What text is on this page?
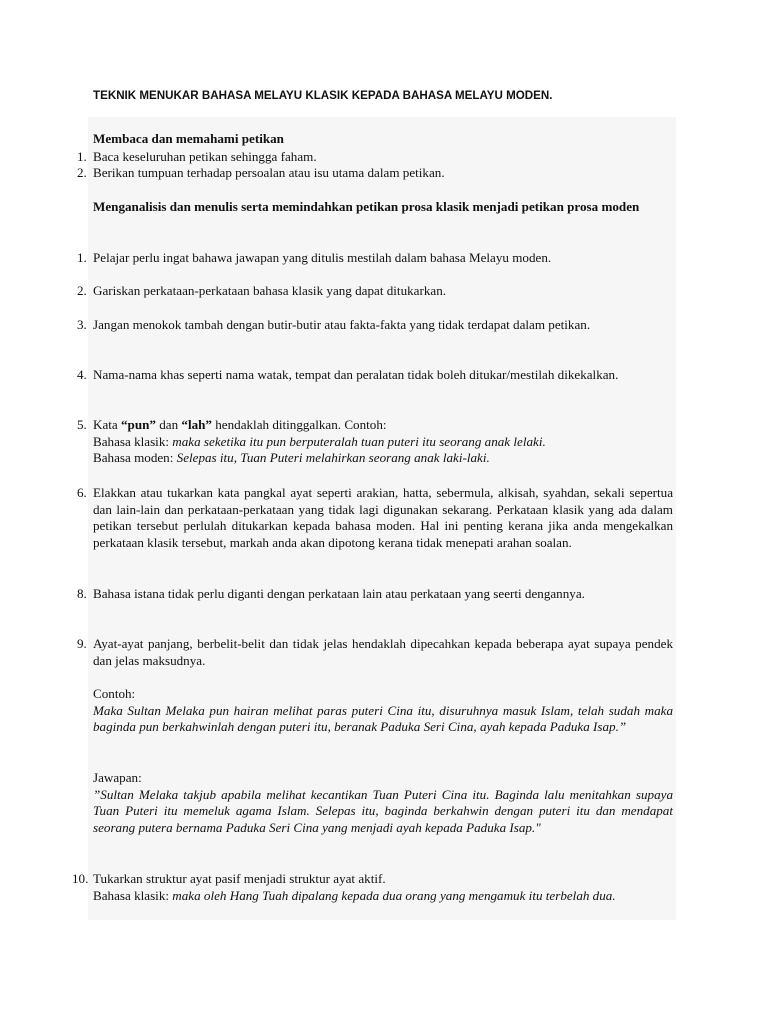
TEKNIK MENUKAR BAHASA MELAYU KLASIK KEPADA BAHASA MELAYU MODEN.
Membaca dan memahami petikan
1. Baca keseluruhan petikan sehingga faham.
2. Berikan tumpuan terhadap persoalan atau isu utama dalam petikan.
Menganalisis dan menulis serta memindahkan petikan prosa klasik menjadi petikan prosa moden
1. Pelajar perlu ingat bahawa jawapan yang ditulis mestilah dalam bahasa Melayu moden.
2. Gariskan perkataan-perkataan bahasa klasik yang dapat ditukarkan.
3. Jangan menokok tambah dengan butir-butir atau fakta-fakta yang tidak terdapat dalam petikan.
4. Nama-nama khas seperti nama watak, tempat dan peralatan tidak boleh ditukar/mestilah dikekalkan.
5. Kata “pun” dan “lah” hendaklah ditinggalkan. Contoh:
Bahasa klasik: maka seketika itu pun berputeralah tuan puteri itu seorang anak lelaki.
Bahasa moden: Selepas itu, Tuan Puteri melahirkan seorang anak laki-laki.
6. Elakkan atau tukarkan kata pangkal ayat seperti arakian, hatta, sebermula, alkisah, syahdan, sekali sepertua dan lain-lain dan perkataan-perkataan yang tidak lagi digunakan sekarang. Perkataan klasik yang ada dalam petikan tersebut perlulah ditukarkan kepada bahasa moden. Hal ini penting kerana jika anda mengekalkan perkataan klasik tersebut, markah anda akan dipotong kerana tidak menepati arahan soalan.
8. Bahasa istana tidak perlu diganti dengan perkataan lain atau perkataan yang seerti dengannya.
9. Ayat-ayat panjang, berbelit-belit dan tidak jelas hendaklah dipecahkan kepada beberapa ayat supaya pendek dan jelas maksudnya.
Contoh:
Maka Sultan Melaka pun hairan melihat paras puteri Cina itu, disuruhnya masuk Islam, telah sudah maka baginda pun berkahwinlah dengan puteri itu, beranak Paduka Seri Cina, ayah kepada Paduka Isap.”
Jawapan:
”Sultan Melaka takjub apabila melihat kecantikan Tuan Puteri Cina itu. Baginda lalu menitahkan supaya Tuan Puteri itu memeluk agama Islam. Selepas itu, baginda berkahwin dengan puteri itu dan mendapat seorang putera bernama Paduka Seri Cina yang menjadi ayah kepada Paduka Isap."
10. Tukarkan struktur ayat pasif menjadi struktur ayat aktif.
Bahasa klasik: maka oleh Hang Tuah dipalang kepada dua orang yang mengamuk itu terbelah dua.
